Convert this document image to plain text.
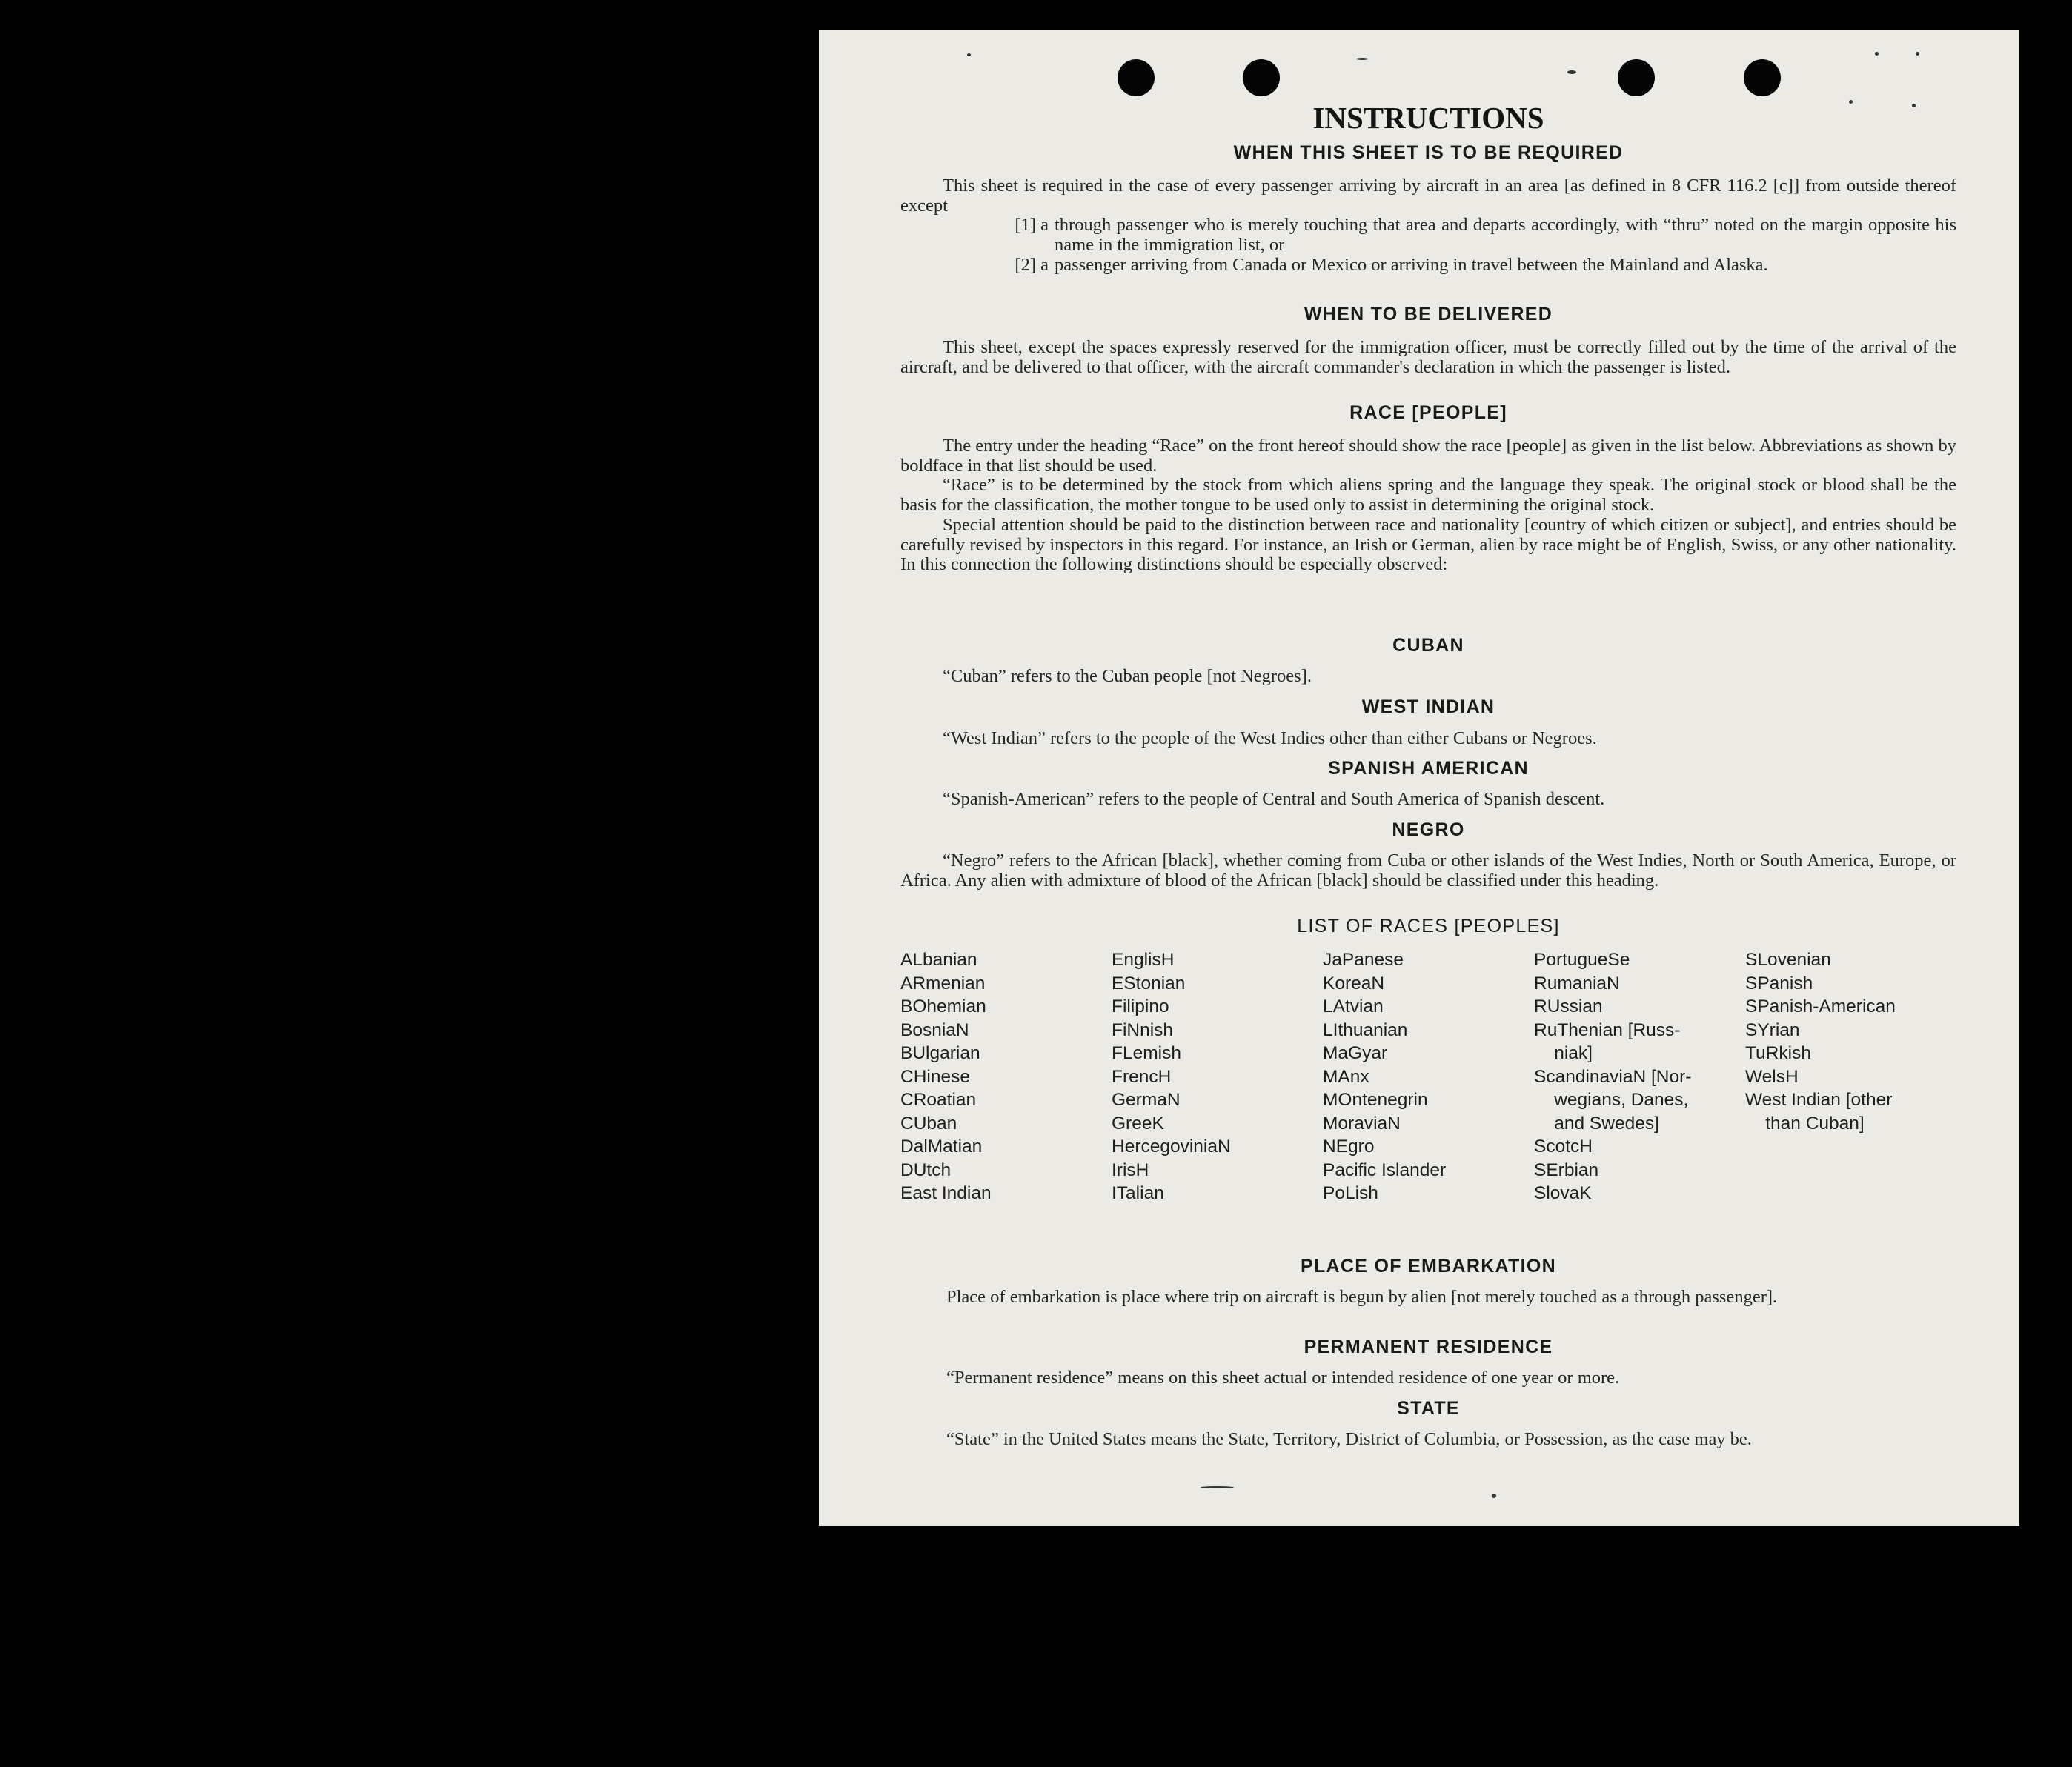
INSTRUCTIONS
WHEN THIS SHEET IS TO BE REQUIRED

This sheet is required in the case of every passenger arriving by aircraft in an area [as defined in 8 CFR 116.2 [c]] from outside thereof except

[1] a through passenger who is merely touching that area and departs accordingly, with “thru” noted on the margin opposite his name in the immigration list, or
[2] a passenger arriving from Canada or Mexico or arriving in travel between the Mainland and Alaska.
WHEN TO BE DELIVERED

This sheet, except the spaces expressly reserved for the immigration officer, must be correctly filled out by the time of the arrival of the aircraft, and be delivered to that officer, with the aircraft commander's declaration in which the passenger is listed.

RACE [PEOPLE]

The entry under the heading “Race” on the front hereof should show the race [people] as given in the list below. Abbreviations as shown by boldface in that list should be used.

“Race” is to be determined by the stock from which aliens spring and the language they speak. The original stock or blood shall be the basis for the classification, the mother tongue to be used only to assist in determining the original stock.

Special attention should be paid to the distinction between race and nationality [country of which citizen or subject], and entries should be carefully revised by inspectors in this regard. For instance, an Irish or German, alien by race might be of English, Swiss, or any other nationality. In this connection the following distinctions should be especially observed:

CUBAN

“Cuban” refers to the Cuban people [not Negroes].

WEST INDIAN

“West Indian” refers to the people of the West Indies other than either Cubans or Negroes.

SPANISH AMERICAN

“Spanish-American” refers to the people of Central and South America of Spanish descent.

NEGRO

“Negro” refers to the African [black], whether coming from Cuba or other islands of the West Indies, North or South America, Europe, or Africa. Any alien with admixture of blood of the African [black] should be classified under this heading.

LIST OF RACES [PEOPLES]
ALbanian
ARmenian
BOhemian
BosniaN
BUlgarian
CHinese
CRoatian
CUban
DalMatian
DUtch
East Indian
EnglisH
EStonian
Filipino
FiNnish
FLemish
FrencH
GermaN
GreeK
HercegoviniaN
IrisH
ITalian
JaPanese
KoreaN
LAtvian
LIthuanian
MaGyar
MAnx
MOntenegrin
MoraviaN
NEgro
Pacific Islander
PoLish
PortugueSe
RumaniaN
RUssian
RuThenian [Russ-
niak]
ScandinaviaN [Nor-
wegians, Danes,
and Swedes]
ScotcH
SErbian
SlovaK
SLovenian
SPanish
SPanish-American
SYrian
TuRkish
WelsH
West Indian [other
than Cuban]
PLACE OF EMBARKATION

Place of embarkation is place where trip on aircraft is begun by alien [not merely touched as a through passenger].

PERMANENT RESIDENCE

“Permanent residence” means on this sheet actual or intended residence of one year or more.

STATE

“State” in the United States means the State, Territory, District of Columbia, or Possession, as the case may be.
